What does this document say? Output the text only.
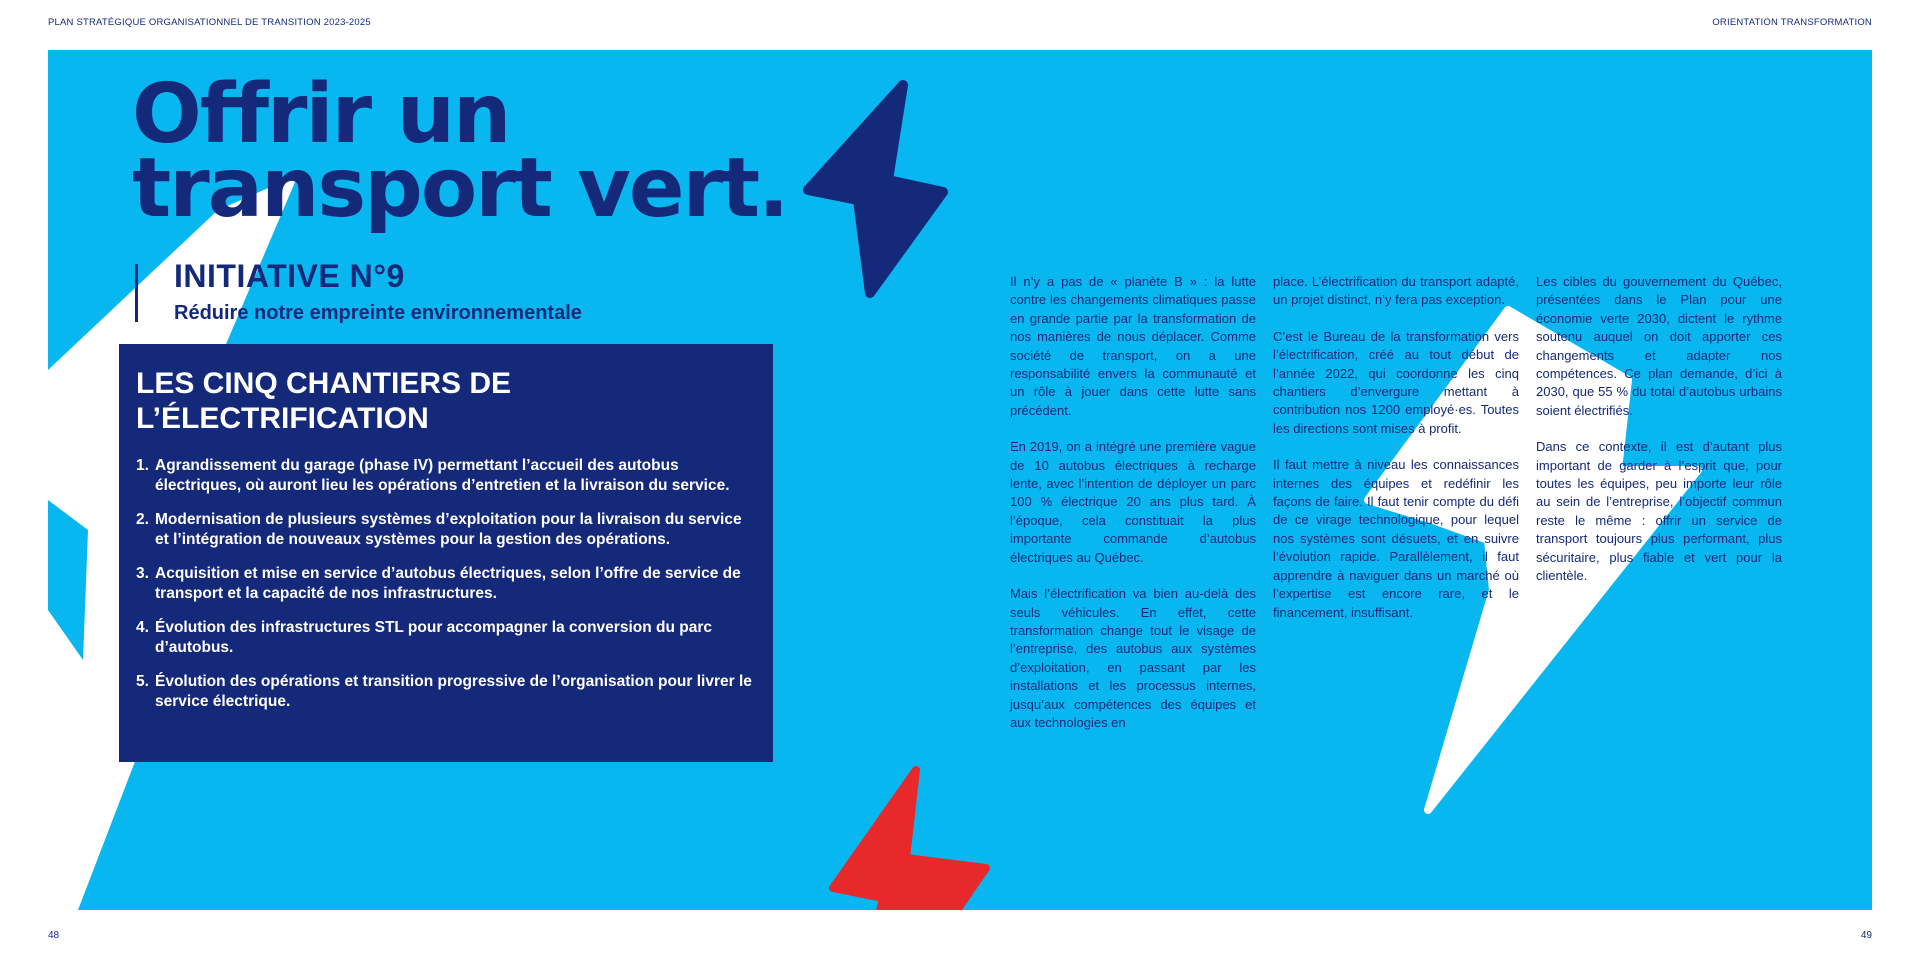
PLAN STRATÉGIQUE ORGANISATIONNEL DE TRANSITION 2023-2025	ORIENTATION TRANSFORMATION
Offrir un
transport vert.
INITIATIVE N°9
Réduire notre empreinte environnementale
LES CINQ CHANTIERS DE L’ÉLECTRIFICATION
1. Agrandissement du garage (phase IV) permettant l’accueil des autobus électriques, où auront lieu les opérations d’entretien et la livraison du service.
2. Modernisation de plusieurs systèmes d’exploitation pour la livraison du service et l’intégration de nouveaux systèmes pour la gestion des opérations.
3. Acquisition et mise en service d’autobus électriques, selon l’offre de service de transport et la capacité de nos infrastructures.
4. Évolution des infrastructures STL pour accompagner la conversion du parc d’autobus.
5. Évolution des opérations et transition progressive de l’organisation pour livrer le service électrique.

Il n’y a pas de « planète B » : la lutte contre les changements climatiques passe en grande partie par la transformation de nos manières de nous déplacer. Comme société de transport, on a une responsabilité envers la communauté et un rôle à jouer dans cette lutte sans précédent.

En 2019, on a intégré une première vague de 10 autobus électriques à recharge lente, avec l’intention de déployer un parc 100 % électrique 20 ans plus tard. À l’époque, cela constituait la plus importante commande d’autobus électriques au Québec.

Mais l’électrification va bien au-delà des seuls véhicules. En effet, cette transformation change tout le visage de l’entreprise, des autobus aux systèmes d’exploitation, en passant par les installations et les processus internes, jusqu’aux compétences des équipes et aux technologies en

place. L’électrification du transport adapté, un projet distinct, n’y fera pas exception.

C’est le Bureau de la transformation vers l’électrification, créé au tout début de l’année 2022, qui coordonne les cinq chantiers d’envergure mettant à contribution nos 1200 employé·es. Toutes les directions sont mises à profit.

Il faut mettre à niveau les connaissances internes des équipes et redéfinir les façons de faire. Il faut tenir compte du défi de ce virage technologique, pour lequel nos systèmes sont désuets, et en suivre l’évolution rapide. Parallèlement, il faut apprendre à naviguer dans un marché où l’expertise est encore rare, et le financement, insuffisant.

Les cibles du gouvernement du Québec, présentées dans le Plan pour une économie verte 2030, dictent le rythme soutenu auquel on doit apporter ces changements et adapter nos compétences. Ce plan demande, d’ici à 2030, que 55 % du total d’autobus urbains soient électrifiés.

Dans ce contexte, il est d’autant plus important de garder à l’esprit que, pour toutes les équipes, peu importe leur rôle au sein de l’entreprise, l’objectif commun reste le même : offrir un service de transport toujours plus performant, plus sécuritaire, plus fiable et vert pour la clientèle.

48	49
